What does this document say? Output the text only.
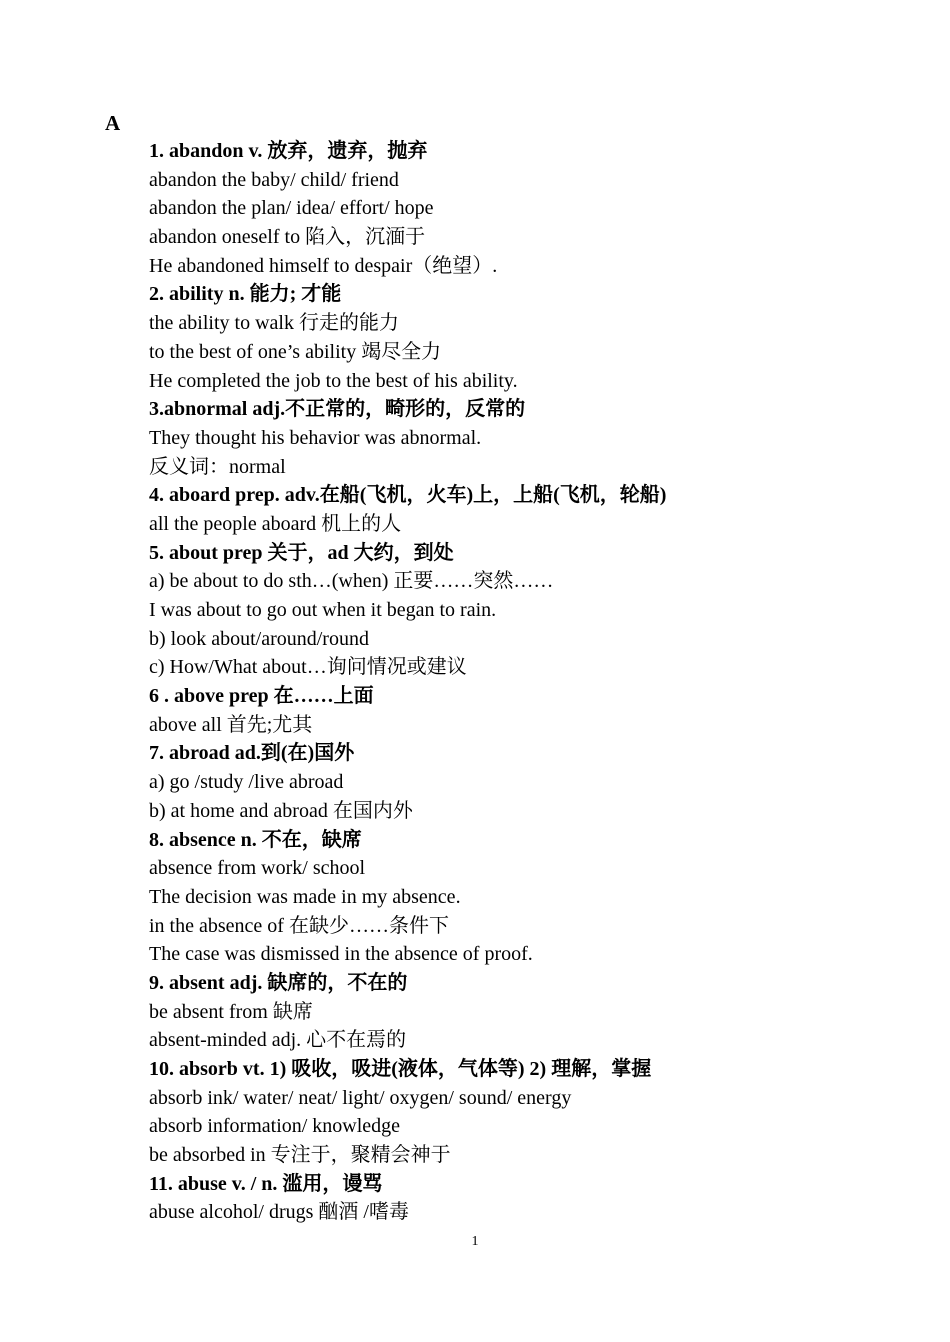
A
1. abandon v. 放弃，遗弃，抛弃
abandon the baby/ child/ friend
abandon the plan/ idea/ effort/ hope
abandon oneself to 陷入，沉湎于
He abandoned himself to despair（绝望）.
2. ability n. 能力; 才能
the ability to walk 行走的能力
to the best of one’s ability 竭尽全力
He completed the job to the best of his ability.
3.abnormal adj.不正常的，畸形的，反常的
They thought his behavior was abnormal.
反义词：normal
4. aboard prep. adv.在船(飞机，火车)上，上船(飞机，轮船)
all the people aboard 机上的人
5. about prep 关于，ad 大约，到处
a) be about to do sth…(when) 正要……突然……
I was about to go out when it began to rain.
b) look about/around/round
c) How/What about…询问情况或建议
6 . above prep 在……上面
above all 首先;尤其
7. abroad ad.到(在)国外
a) go /study /live abroad
b) at home and abroad 在国内外
8. absence n. 不在，缺席
absence from work/ school
The decision was made in my absence.
in the absence of 在缺少……条件下
The case was dismissed in the absence of proof.
9. absent adj. 缺席的，不在的
be absent from 缺席
absent-minded adj. 心不在焉的
10. absorb vt. 1) 吸收，吸进(液体，气体等) 2) 理解，掌握
absorb ink/ water/ neat/ light/ oxygen/ sound/ energy
absorb information/ knowledge
be absorbed in 专注于，聚精会神于
11. abuse v. / n. 滥用，谩骂
abuse alcohol/ drugs 酗酒 /嗜毒
1
